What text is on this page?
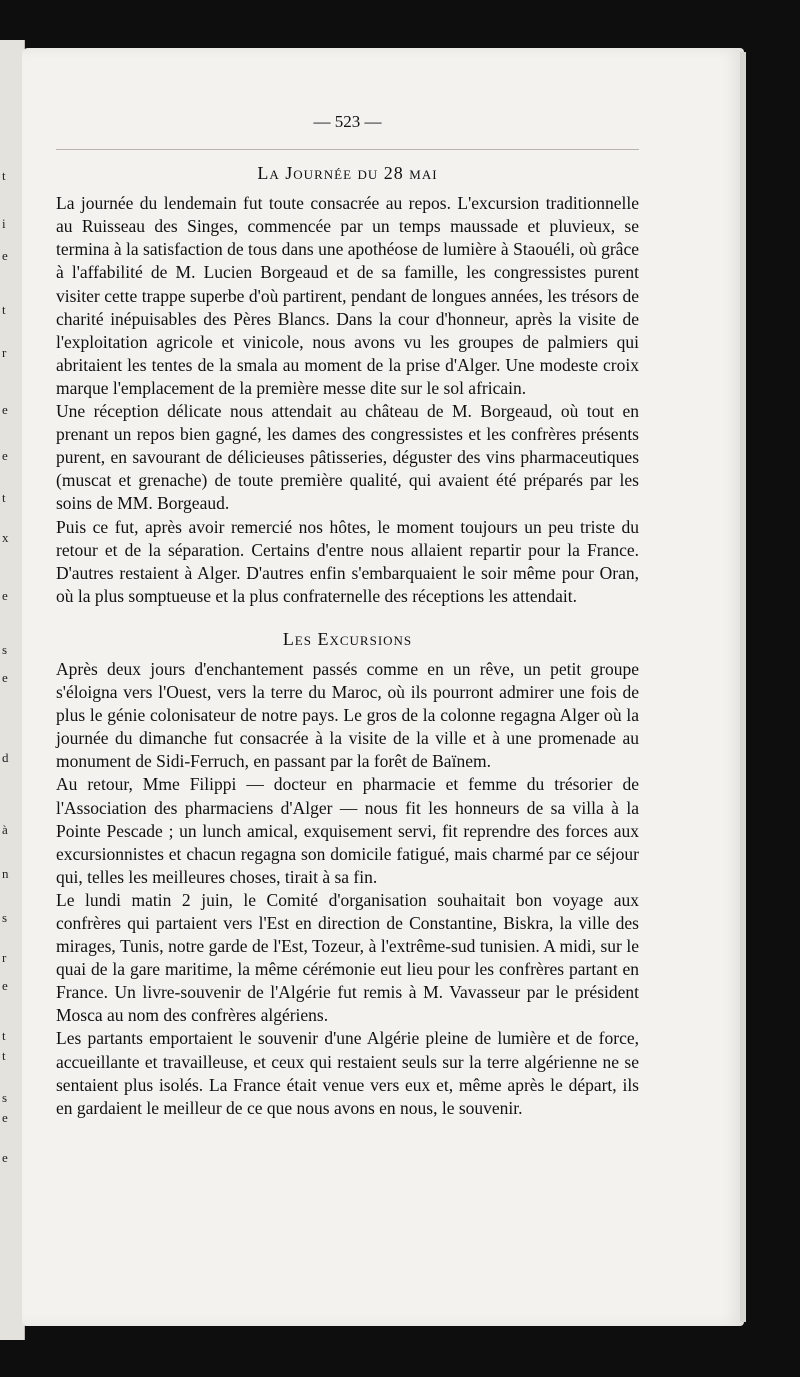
t
i
e
t
r
e
e
t
x
e
s
e
d
à
n
s
r
e
t
t
s
e
e
— 523 —
La Journée du 28 mai

La journée du lendemain fut toute consacrée au repos. L'excursion traditionnelle au Ruisseau des Singes, commencée par un temps maussade et pluvieux, se termina à la satisfaction de tous dans une apothéose de lumière à Staouéli, où grâce à l'affabilité de M. Lucien Borgeaud et de sa famille, les congressistes purent visiter cette trappe superbe d'où partirent, pendant de longues années, les trésors de charité inépuisables des Pères Blancs. Dans la cour d'honneur, après la visite de l'exploitation agricole et vinicole, nous avons vu les groupes de palmiers qui abritaient les tentes de la smala au moment de la prise d'Alger. Une modeste croix marque l'emplacement de la première messe dite sur le sol africain.

Une réception délicate nous attendait au château de M. Borgeaud, où tout en prenant un repos bien gagné, les dames des congressistes et les confrères présents purent, en savourant de délicieuses pâtisseries, déguster des vins pharmaceutiques (muscat et grenache) de toute première qualité, qui avaient été préparés par les soins de MM. Borgeaud.

Puis ce fut, après avoir remercié nos hôtes, le moment toujours un peu triste du retour et de la séparation. Certains d'entre nous allaient repartir pour la France. D'autres restaient à Alger. D'autres enfin s'embarquaient le soir même pour Oran, où la plus somptueuse et la plus confraternelle des réceptions les attendait.

Les Excursions

Après deux jours d'enchantement passés comme en un rêve, un petit groupe s'éloigna vers l'Ouest, vers la terre du Maroc, où ils pourront admirer une fois de plus le génie colonisateur de notre pays. Le gros de la colonne regagna Alger où la journée du dimanche fut consacrée à la visite de la ville et à une promenade au monument de Sidi-Ferruch, en passant par la forêt de Baïnem.

Au retour, Mme Filippi — docteur en pharmacie et femme du trésorier de l'Association des pharmaciens d'Alger — nous fit les honneurs de sa villa à la Pointe Pescade ; un lunch amical, exquisement servi, fit reprendre des forces aux excursionnistes et chacun regagna son domicile fatigué, mais charmé par ce séjour qui, telles les meilleures choses, tirait à sa fin.

Le lundi matin 2 juin, le Comité d'organisation souhaitait bon voyage aux confrères qui partaient vers l'Est en direction de Constantine, Biskra, la ville des mirages, Tunis, notre garde de l'Est, Tozeur, à l'extrême-sud tunisien. A midi, sur le quai de la gare maritime, la même cérémonie eut lieu pour les confrères partant en France. Un livre-souvenir de l'Algérie fut remis à M. Vavasseur par le président Mosca au nom des confrères algériens.

Les partants emportaient le souvenir d'une Algérie pleine de lumière et de force, accueillante et travailleuse, et ceux qui restaient seuls sur la terre algérienne ne se sentaient plus isolés. La France était venue vers eux et, même après le départ, ils en gardaient le meilleur de ce que nous avons en nous, le souvenir.
